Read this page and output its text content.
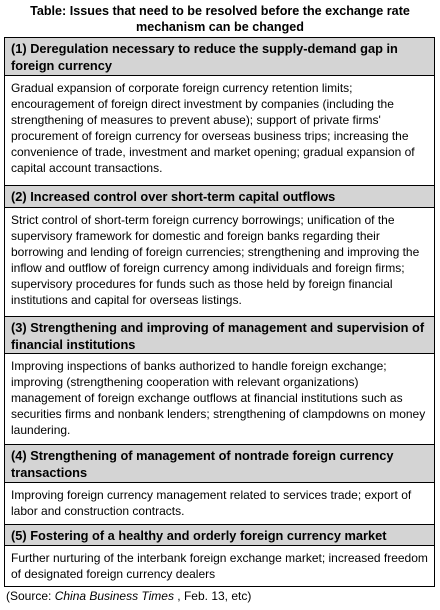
Table: Issues that need to be resolved before the exchange rate mechanism can be changed
(1) Deregulation necessary to reduce the supply-demand gap in foreign currency
Gradual expansion of corporate foreign currency retention limits; encouragement of foreign direct investment by companies (including the strengthening of measures to prevent abuse); support of private firms' procurement of foreign currency for overseas business trips; increasing the convenience of trade, investment and market opening; gradual expansion of capital account transactions.
(2) Increased control over short-term capital outflows
Strict control of short-term foreign currency borrowings; unification of the supervisory framework for domestic and foreign banks regarding their borrowing and lending of foreign currencies; strengthening and improving the inflow and outflow of foreign currency among individuals and foreign firms; supervisory procedures for funds such as those held by foreign financial institutions and capital for overseas listings.
(3) Strengthening and improving of management and supervision of financial institutions
Improving inspections of banks authorized to handle foreign exchange; improving (strengthening cooperation with relevant organizations) management of foreign exchange outflows at financial institutions such as securities firms and nonbank lenders; strengthening of clampdowns on money laundering.
(4) Strengthening of management of nontrade foreign currency transactions
Improving foreign currency management related to services trade; export of labor and construction contracts.
(5) Fostering of a healthy and orderly foreign currency market
Further nurturing of the interbank foreign exchange market; increased freedom of designated foreign currency dealers
(Source: China Business Times , Feb. 13, etc)
